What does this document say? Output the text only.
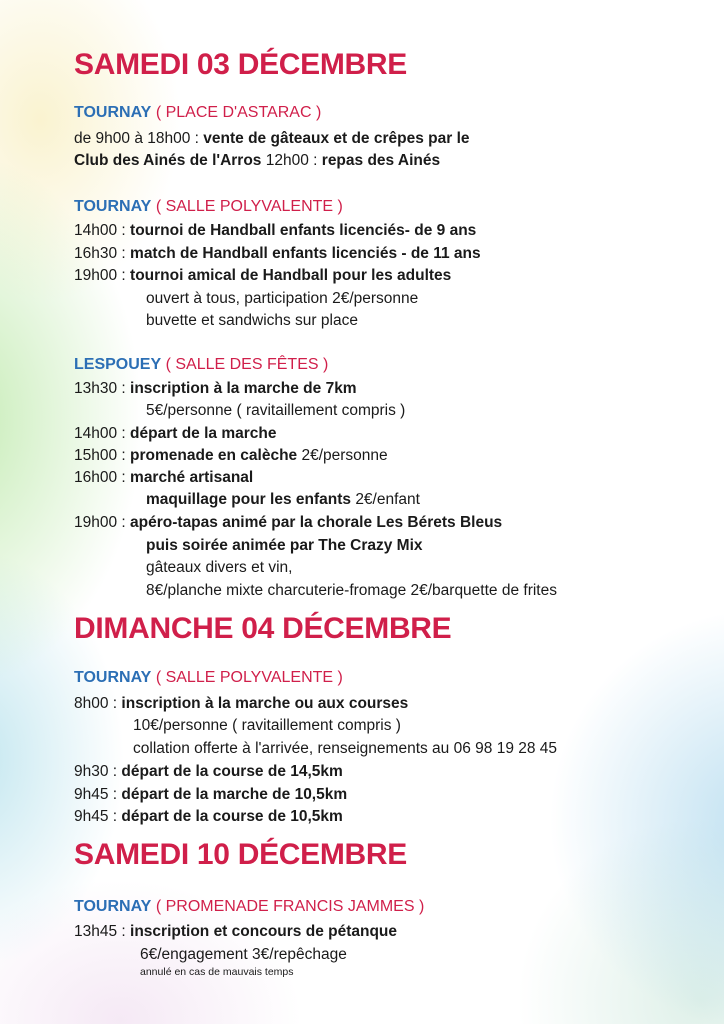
SAMEDI 03 DÉCEMBRE
TOURNAY ( PLACE D'ASTARAC )
de 9h00 à 18h00 : vente de gâteaux et de crêpes par le
Club des Ainés de l'Arros 12h00 : repas des Ainés
TOURNAY ( SALLE POLYVALENTE )
14h00 : tournoi de Handball enfants licenciés- de 9 ans
16h30 : match de Handball enfants licenciés - de 11 ans
19h00 : tournoi amical de Handball pour les adultes
ouvert à tous, participation 2€/personne
buvette et sandwichs sur place
LESPOUEY ( SALLE DES FÊTES )
13h30 : inscription à la marche de 7km
5€/personne ( ravitaillement compris )
14h00 : départ de la marche
15h00 : promenade en calèche 2€/personne
16h00 : marché artisanal
maquillage pour les enfants 2€/enfant
19h00 : apéro-tapas animé par la chorale Les Bérets Bleus
puis soirée animée par The Crazy Mix
gâteaux divers et vin,
8€/planche mixte charcuterie-fromage 2€/barquette de frites
DIMANCHE 04 DÉCEMBRE
TOURNAY ( SALLE POLYVALENTE )
8h00 : inscription à la marche ou aux courses
10€/personne ( ravitaillement compris )
collation offerte à l'arrivée, renseignements au 06 98 19 28 45
9h30 : départ de la course de 14,5km
9h45 : départ de la marche de 10,5km
9h45 : départ de la course de 10,5km
SAMEDI 10 DÉCEMBRE
TOURNAY ( PROMENADE FRANCIS JAMMES )
13h45 : inscription et concours de pétanque
6€/engagement 3€/repêchage
annulé en cas de mauvais temps
